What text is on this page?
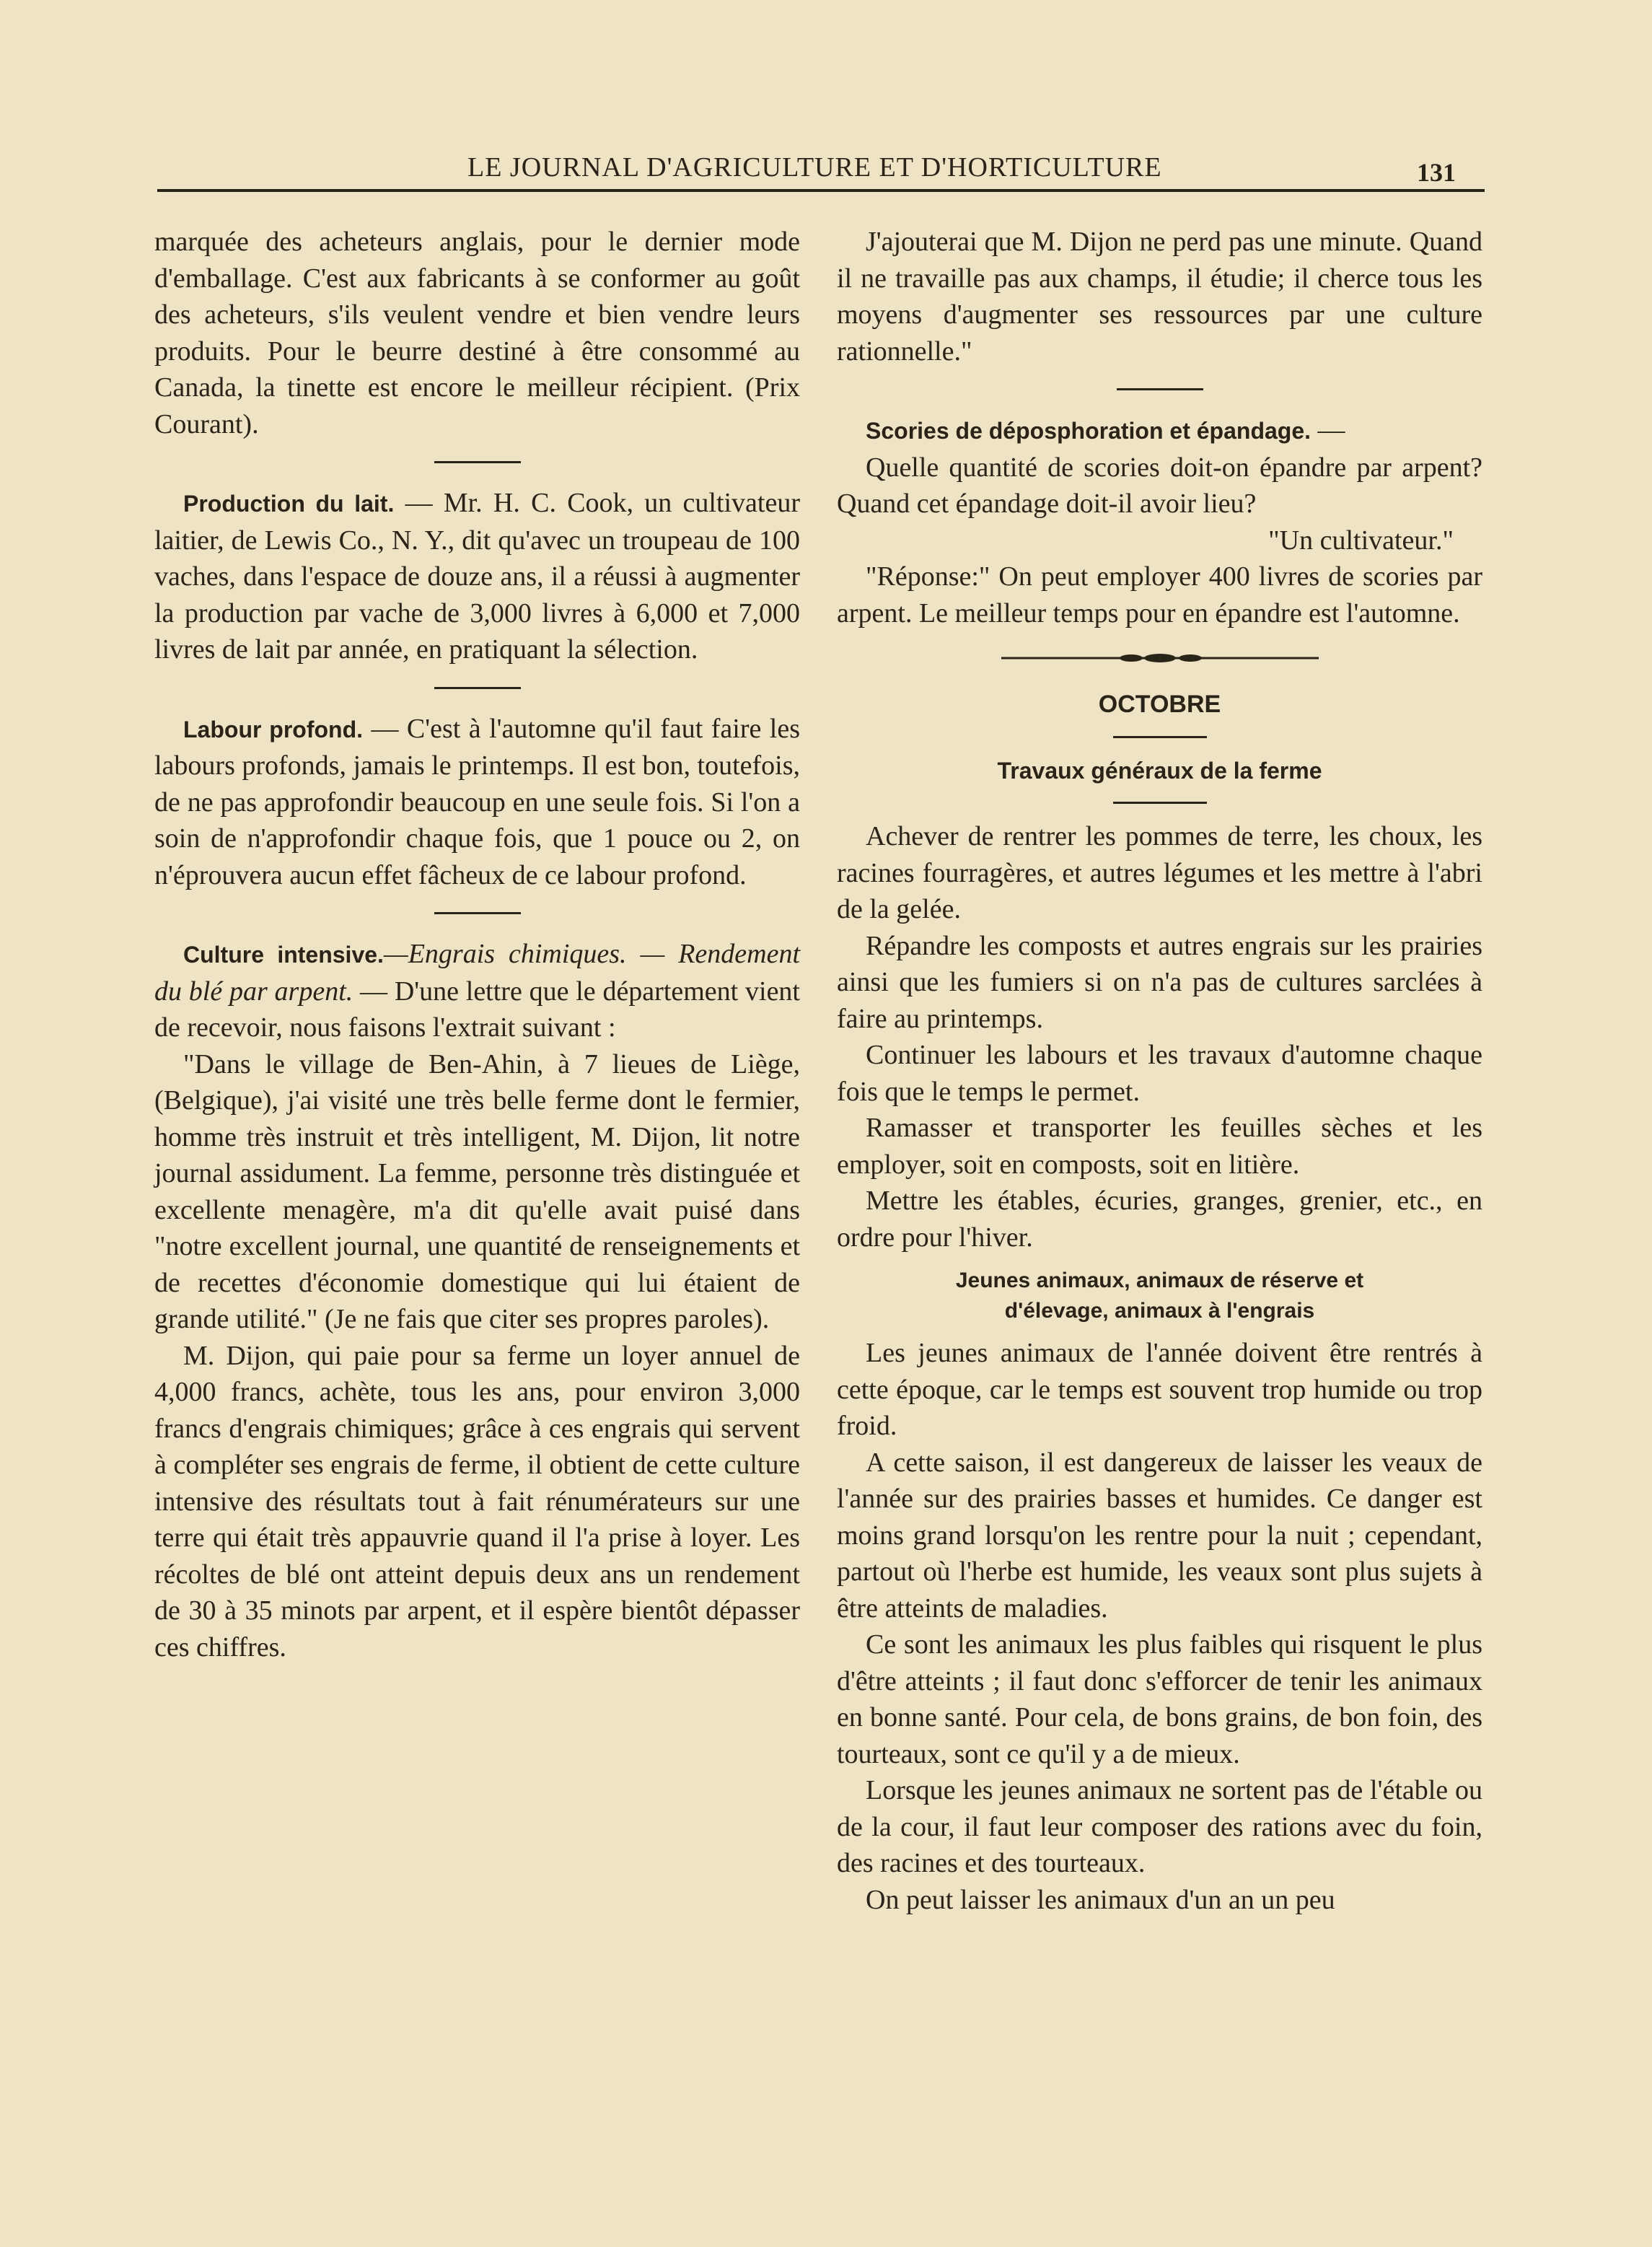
LE JOURNAL D'AGRICULTURE ET D'HORTICULTURE	131

marquée des acheteurs anglais, pour le dernier mode d'emballage. C'est aux fabricants à se conformer au goût des acheteurs, s'ils veulent vendre et bien vendre leurs produits. Pour le beurre destiné à être consommé au Canada, la tinette est encore le meilleur récipient. (Prix Courant).

Production du lait. — Mr. H. C. Cook, un cultivateur laitier, de Lewis Co., N. Y., dit qu'avec un troupeau de 100 vaches, dans l'espace de douze ans, il a réussi à augmenter la production par vache de 3,000 livres à 6,000 et 7,000 livres de lait par année, en pratiquant la sélection.

Labour profond. — C'est à l'automne qu'il faut faire les labours profonds, jamais le printemps. Il est bon, toutefois, de ne pas approfondir beaucoup en une seule fois. Si l'on a soin de n'approfondir chaque fois, que 1 pouce ou 2, on n'éprouvera aucun effet fâcheux de ce labour profond.

Culture intensive.—Engrais chimiques. — Rendement du blé par arpent. — D'une lettre que le département vient de recevoir, nous faisons l'extrait suivant :

"Dans le village de Ben-Ahin, à 7 lieues de Liège, (Belgique), j'ai visité une très belle ferme dont le fermier, homme très instruit et très intelligent, M. Dijon, lit notre journal assidument. La femme, personne très distinguée et excellente menagère, m'a dit qu'elle avait puisé dans "notre excellent journal, une quantité de renseignements et de recettes d'économie domestique qui lui étaient de grande utilité." (Je ne fais que citer ses propres paroles).

M. Dijon, qui paie pour sa ferme un loyer annuel de 4,000 francs, achète, tous les ans, pour environ 3,000 francs d'engrais chimiques; grâce à ces engrais qui servent à compléter ses engrais de ferme, il obtient de cette culture intensive des résultats tout à fait rénumérateurs sur une terre qui était très appauvrie quand il l'a prise à loyer. Les récoltes de blé ont atteint depuis deux ans un rendement de 30 à 35 minots par arpent, et il espère bientôt dépasser ces chiffres.

J'ajouterai que M. Dijon ne perd pas une minute. Quand il ne travaille pas aux champs, il étudie; il cherce tous les moyens d'augmenter ses ressources par une culture rationnelle."

Scories de déposphoration et épandage. —

Quelle quantité de scories doit-on épandre par arpent? Quand cet épandage doit-il avoir lieu?

"Un cultivateur."

"Réponse:" On peut employer 400 livres de scories par arpent. Le meilleur temps pour en épandre est l'automne.

OCTOBRE
Travaux généraux de la ferme

Achever de rentrer les pommes de terre, les choux, les racines fourragères, et autres légumes et les mettre à l'abri de la gelée.

Répandre les composts et autres engrais sur les prairies ainsi que les fumiers si on n'a pas de cultures sarclées à faire au printemps.

Continuer les labours et les travaux d'automne chaque fois que le temps le permet.

Ramasser et transporter les feuilles sèches et les employer, soit en composts, soit en litière.

Mettre les étables, écuries, granges, grenier, etc., en ordre pour l'hiver.

Jeunes animaux, animaux de réserve et
d'élevage, animaux à l'engrais

Les jeunes animaux de l'année doivent être rentrés à cette époque, car le temps est souvent trop humide ou trop froid.

A cette saison, il est dangereux de laisser les veaux de l'année sur des prairies basses et humides. Ce danger est moins grand lorsqu'on les rentre pour la nuit ; cependant, partout où l'herbe est humide, les veaux sont plus sujets à être atteints de maladies.

Ce sont les animaux les plus faibles qui risquent le plus d'être atteints ; il faut donc s'efforcer de tenir les animaux en bonne santé. Pour cela, de bons grains, de bon foin, des tourteaux, sont ce qu'il y a de mieux.

Lorsque les jeunes animaux ne sortent pas de l'étable ou de la cour, il faut leur composer des rations avec du foin, des racines et des tourteaux.

On peut laisser les animaux d'un an un peu
